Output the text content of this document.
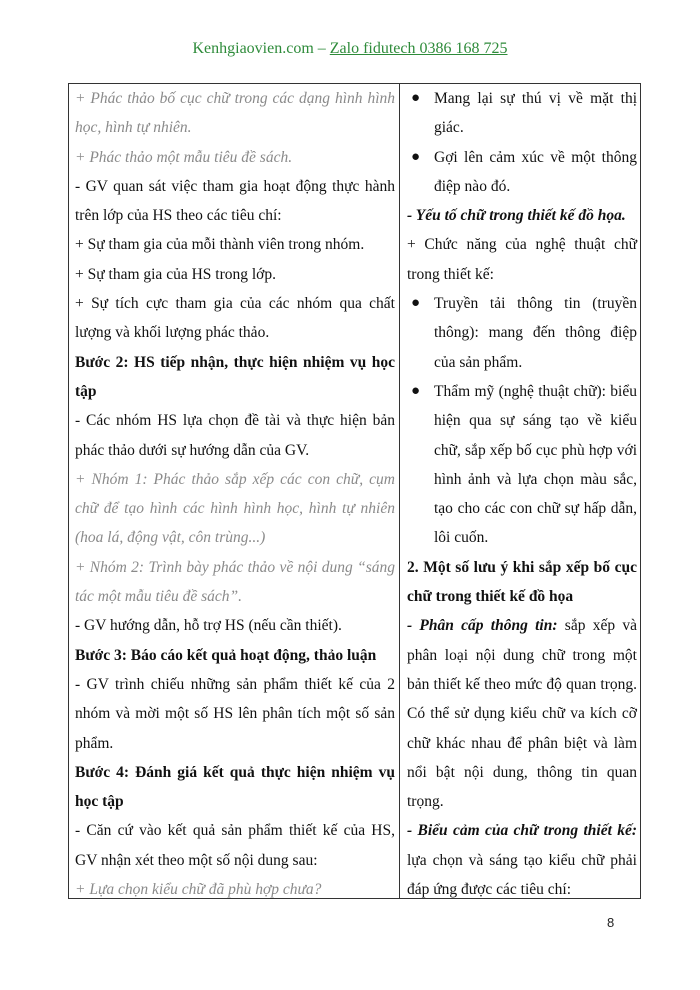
Kenhgiaovien.com – Zalo fidutech 0386 168 725

+ Phác thảo bố cục chữ trong các dạng hình hình học, hình tự nhiên.

+ Phác thảo một mẫu tiêu đề sách.

- GV quan sát việc tham gia hoạt động thực hành trên lớp của HS theo các tiêu chí:

+ Sự tham gia của mỗi thành viên trong nhóm.

+ Sự tham gia của HS trong lớp.

+ Sự tích cực tham gia của các nhóm qua chất lượng và khối lượng phác thảo.

Bước 2: HS tiếp nhận, thực hiện nhiệm vụ học tập

- Các nhóm HS lựa chọn đề tài và thực hiện bản phác thảo dưới sự hướng dẫn của GV.

+ Nhóm 1: Phác thảo sắp xếp các con chữ, cụm chữ để tạo hình các hình hình học, hình tự nhiên (hoa lá, động vật, côn trùng...)

+ Nhóm 2: Trình bày phác thảo về nội dung “sáng tác một mẫu tiêu đề sách”.

- GV hướng dẫn, hỗ trợ HS (nếu cần thiết).

Bước 3: Báo cáo kết quả hoạt động, thảo luận

- GV trình chiếu những sản phẩm thiết kế của 2 nhóm và mời một số HS lên phân tích một số sản phẩm.

Bước 4: Đánh giá kết quả thực hiện nhiệm vụ học tập

- Căn cứ vào kết quả sản phẩm thiết kế của HS, GV nhận xét theo một số nội dung sau:

+ Lựa chọn kiểu chữ đã phù hợp chưa?

● Mang lại sự thú vị về mặt thị giác.
● Gợi lên cảm xúc về một thông điệp nào đó.

- Yếu tố chữ trong thiết kế đồ họa.

+ Chức năng của nghệ thuật chữ trong thiết kế:

● Truyền tải thông tin (truyền thông): mang đến thông điệp của sản phẩm.
● Thẩm mỹ (nghệ thuật chữ): biểu hiện qua sự sáng tạo về kiểu chữ, sắp xếp bố cục phù hợp với hình ảnh và lựa chọn màu sắc, tạo cho các con chữ sự hấp dẫn, lôi cuốn.

2. Một số lưu ý khi sắp xếp bố cục chữ trong thiết kế đồ họa

- Phân cấp thông tin: sắp xếp và phân loại nội dung chữ trong một bản thiết kế theo mức độ quan trọng. Có thể sử dụng kiểu chữ va kích cỡ chữ khác nhau để phân biệt và làm nổi bật nội dung, thông tin quan trọng.

- Biểu cảm của chữ trong thiết kế: lựa chọn và sáng tạo kiểu chữ phải đáp ứng được các tiêu chí:

8
